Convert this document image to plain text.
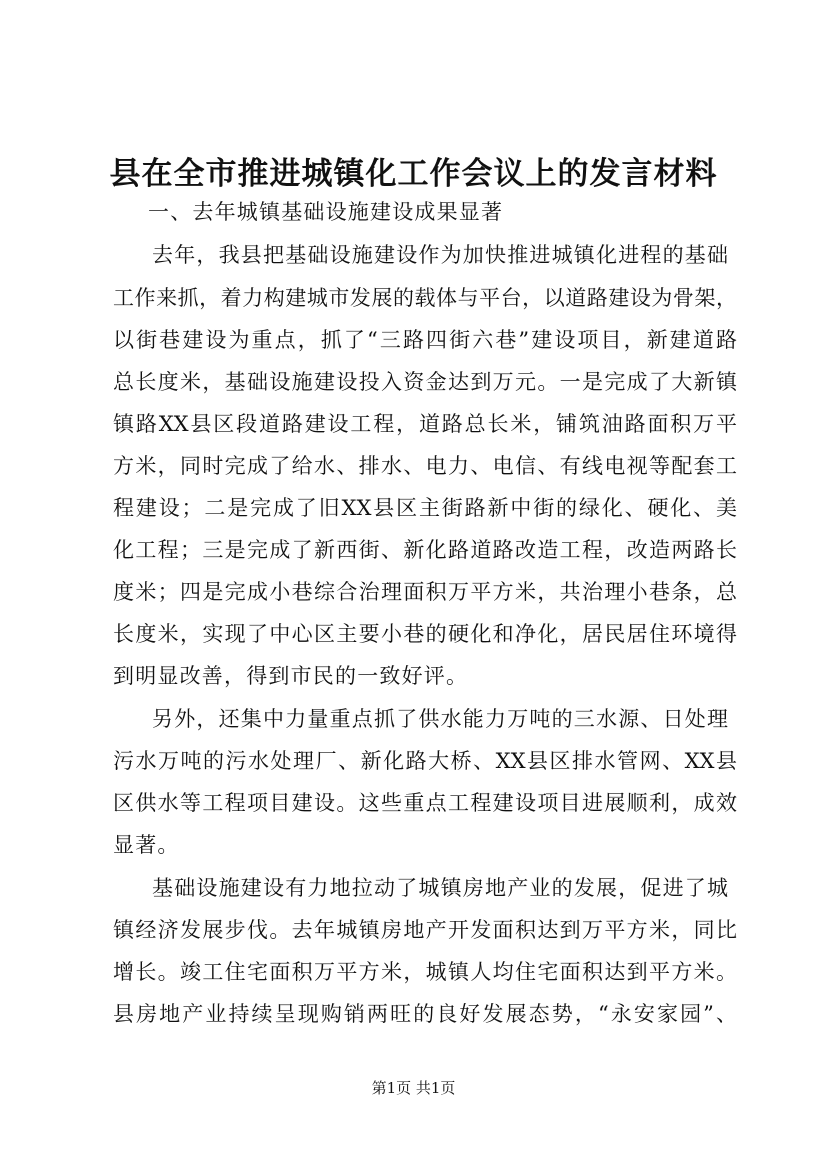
县在全市推进城镇化工作会议上的发言材料
一、去年城镇基础设施建设成果显著
去年，我县把基础设施建设作为加快推进城镇化进程的基础
工作来抓，着力构建城市发展的载体与平台，以道路建设为骨架，
以街巷建设为重点，抓了“三路四街六巷”建设项目，新建道路
总长度米，基础设施建设投入资金达到万元。一是完成了大新镇
镇路XX县区段道路建设工程，道路总长米，铺筑油路面积万平
方米，同时完成了给水、排水、电力、电信、有线电视等配套工
程建设；二是完成了旧XX县区主街路新中街的绿化、硬化、美
化工程；三是完成了新西街、新化路道路改造工程，改造两路长
度米；四是完成小巷综合治理面积万平方米，共治理小巷条，总
长度米，实现了中心区主要小巷的硬化和净化，居民居住环境得
到明显改善，得到市民的一致好评。
另外，还集中力量重点抓了供水能力万吨的三水源、日处理
污水万吨的污水处理厂、新化路大桥、XX县区排水管网、XX县
区供水等工程项目建设。这些重点工程建设项目进展顺利，成效
显著。
基础设施建设有力地拉动了城镇房地产业的发展，促进了城
镇经济发展步伐。去年城镇房地产开发面积达到万平方米，同比
增长。竣工住宅面积万平方米，城镇人均住宅面积达到平方米。
县房地产业持续呈现购销两旺的良好发展态势，“永安家园”、
第1页 共1页
